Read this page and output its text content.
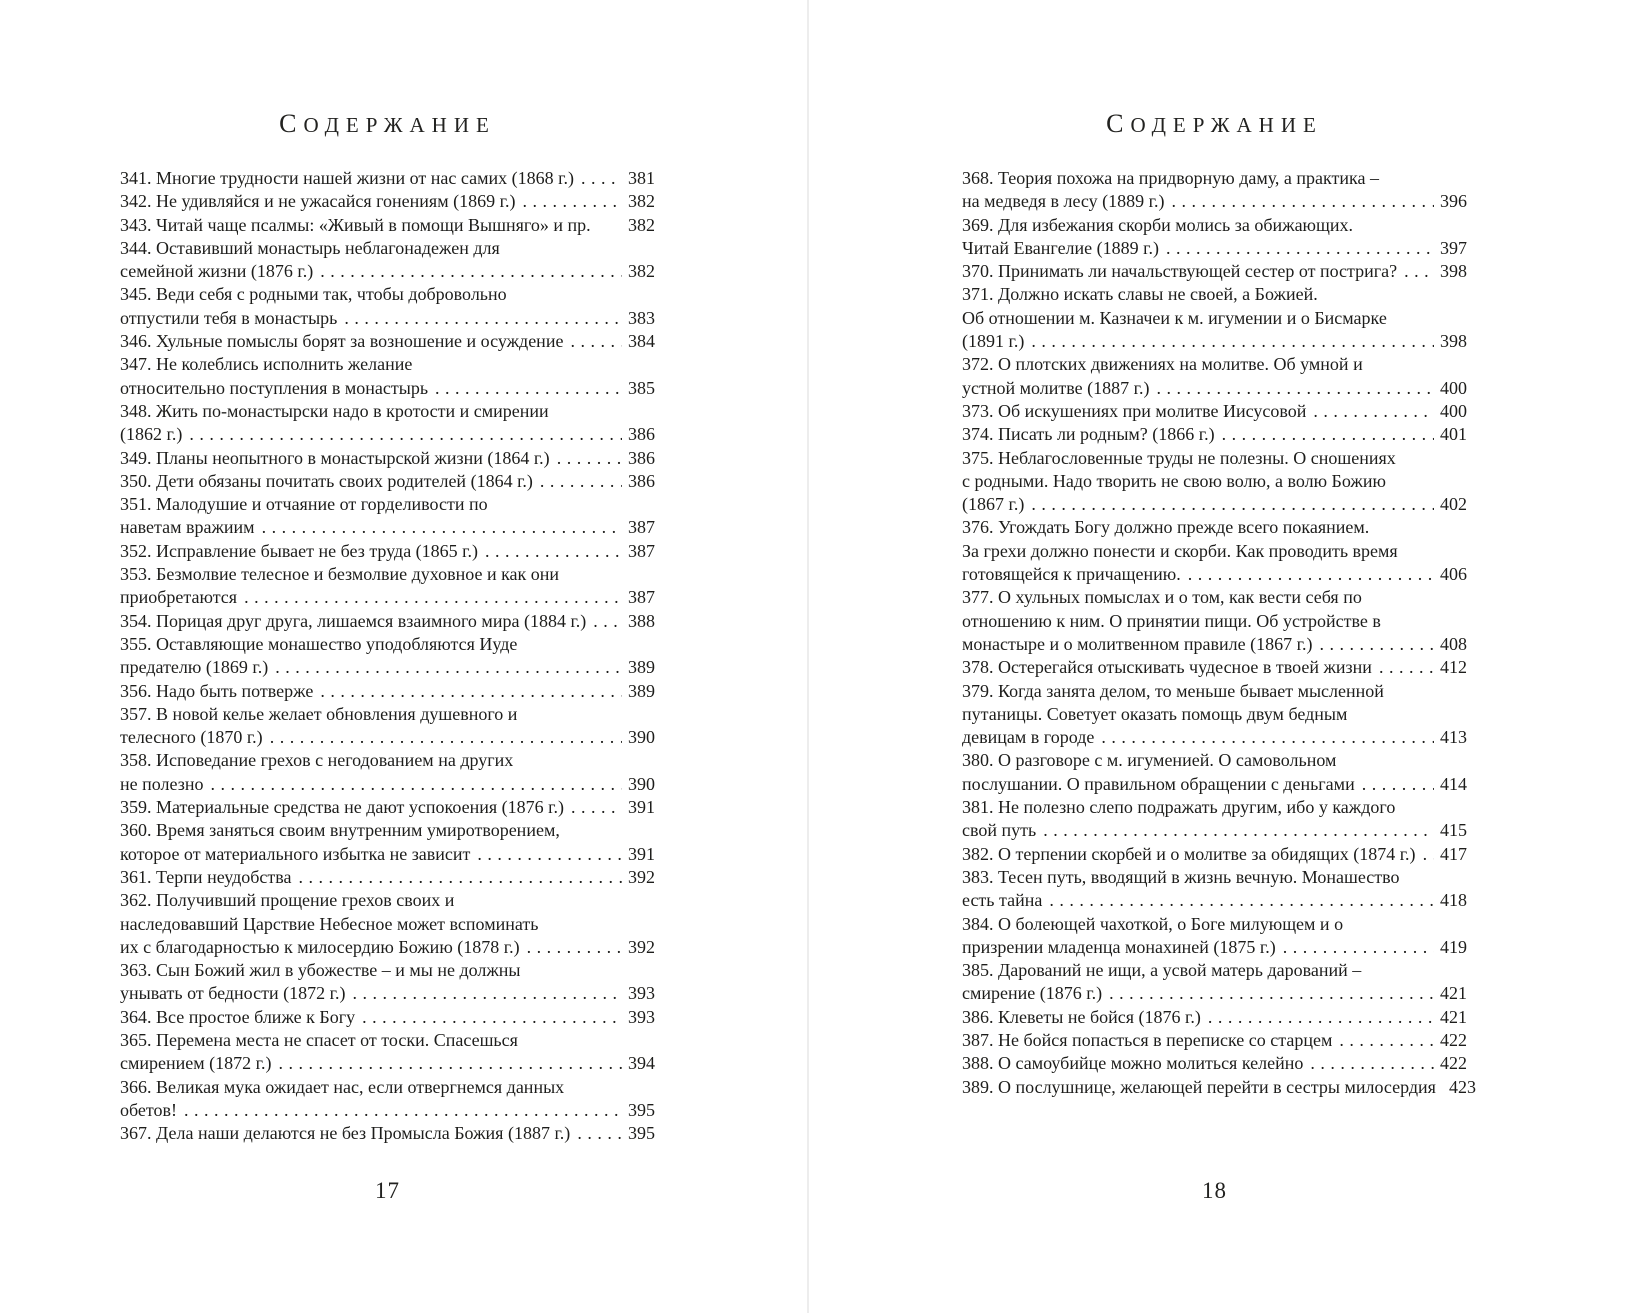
СОДЕРЖАНИЕ
341. Многие трудности нашей жизни от нас самих (1868 г.) .....	381
342. Не удивляйся и не ужасайся гонениям (1869 г.) .....	382
343. Читай чаще псалмы: «Живый в помощи Вышняго» и пр. 382
344. Оставивший монастырь неблагонадежен для
семейной жизни (1876 г.) .....	382
345. Веди себя с родными так, чтобы добровольно
отпустили тебя в монастырь .....	383
346. Хульные помыслы борят за возношение и осуждение .....	384
347. Не колеблись исполнить желание
относительно поступления в монастырь .....	385
348. Жить по-монастырски надо в кротости и смирении
(1862 г.) .....	386
349. Планы неопытного в монастырской жизни (1864 г.) .....	386
350. Дети обязаны почитать своих родителей (1864 г.) .....	386
351. Малодушие и отчаяние от горделивости по
наветам вражиим .....	387
352. Исправление бывает не без труда (1865 г.) .....	387
353. Безмолвие телесное и безмолвие духовное и как они
приобретаются .....	387
354. Порицая друг друга, лишаемся взаимного мира (1884 г.) ..... 388
355. Оставляющие монашество уподобляются Иуде
предателю (1869 г.) .....	389
356. Надо быть потверже .....	389
357. В новой келье желает обновления душевного и
телесного (1870 г.) .....	390
358. Исповедание грехов с негодованием на других
не полезно .....	390
359. Материальные средства не дают успокоения (1876 г.) .....	391
360. Время заняться своим внутренним умиротворением,
которое от материального избытка не зависит .....	391
361. Терпи неудобства .....	392
362. Получивший прощение грехов своих и
наследовавший Царствие Небесное может вспоминать
их с благодарностью к милосердию Божию (1878 г.) .....	392
363. Сын Божий жил в убожестве – и мы не должны
унывать от бедности (1872 г.) .....	393
364. Все простое ближе к Богу .....	393
365. Перемена места не спасет от тоски. Спасешься
смирением (1872 г.) .....	394
366. Великая мука ожидает нас, если отвергнемся данных
обетов! .....	395
367. Дела наши делаются не без Промысла Божия (1887 г.) .....	395
СОДЕРЖАНИЕ
368. Теория похожа на придворную даму, а практика –
на медведя в лесу (1889 г.) .....	396
369. Для избежания скорби молись за обижающих.
Читай Евангелие (1889 г.) .....	397
370. Принимать ли начальствующей сестер от пострига? ..... 398
371. Должно искать славы не своей, а Божией.
Об отношении м. Казначеи к м. игумении и о Бисмарке
(1891 г.) .....	398
372. О плотских движениях на молитве. Об умной и
устной молитве (1887 г.) .....	400
373. Об искушениях при молитве Иисусовой .....	400
374. Писать ли родным? (1866 г.) .....	401
375. Неблагословенные труды не полезны. О сношениях
с родными. Надо творить не свою волю, а волю Божию
(1867 г.) .....	402
376. Угождать Богу должно прежде всего покаянием.
За грехи должно понести и скорби. Как проводить время
готовящейся к причащению. .....	406
377. О хульных помыслах и о том, как вести себя по
отношению к ним. О принятии пищи. Об устройстве в
монастыре и о молитвенном правиле (1867 г.) .....	408
378. Остерегайся отыскивать чудесное в твоей жизни .....	412
379. Когда занята делом, то меньше бывает мысленной
путаницы. Советует оказать помощь двум бедным
девицам в городе .....	413
380. О разговоре с м. игуменией. О самовольном
послушании. О правильном обращении с деньгами .....	414
381. Не полезно слепо подражать другим, ибо у каждого
свой путь .....	415
382. О терпении скорбей и о молитве за обидящих (1874 г.) ..... 417
383. Тесен путь, вводящий в жизнь вечную. Монашество
есть тайна .....	418
384. О болеющей чахоткой, о Боге милующем и о
призрении младенца монахиней (1875 г.) .....	419
385. Дарований не ищи, а усвой матерь дарований –
смирение (1876 г.) .....	421
386. Клеветы не бойся (1876 г.) .....	421
387. Не бойся попасться в переписке со старцем .....	422
388. О самоубийце можно молиться келейно .....	422
389. О послушнице, желающей перейти в сестры милосердия 423
17	18
